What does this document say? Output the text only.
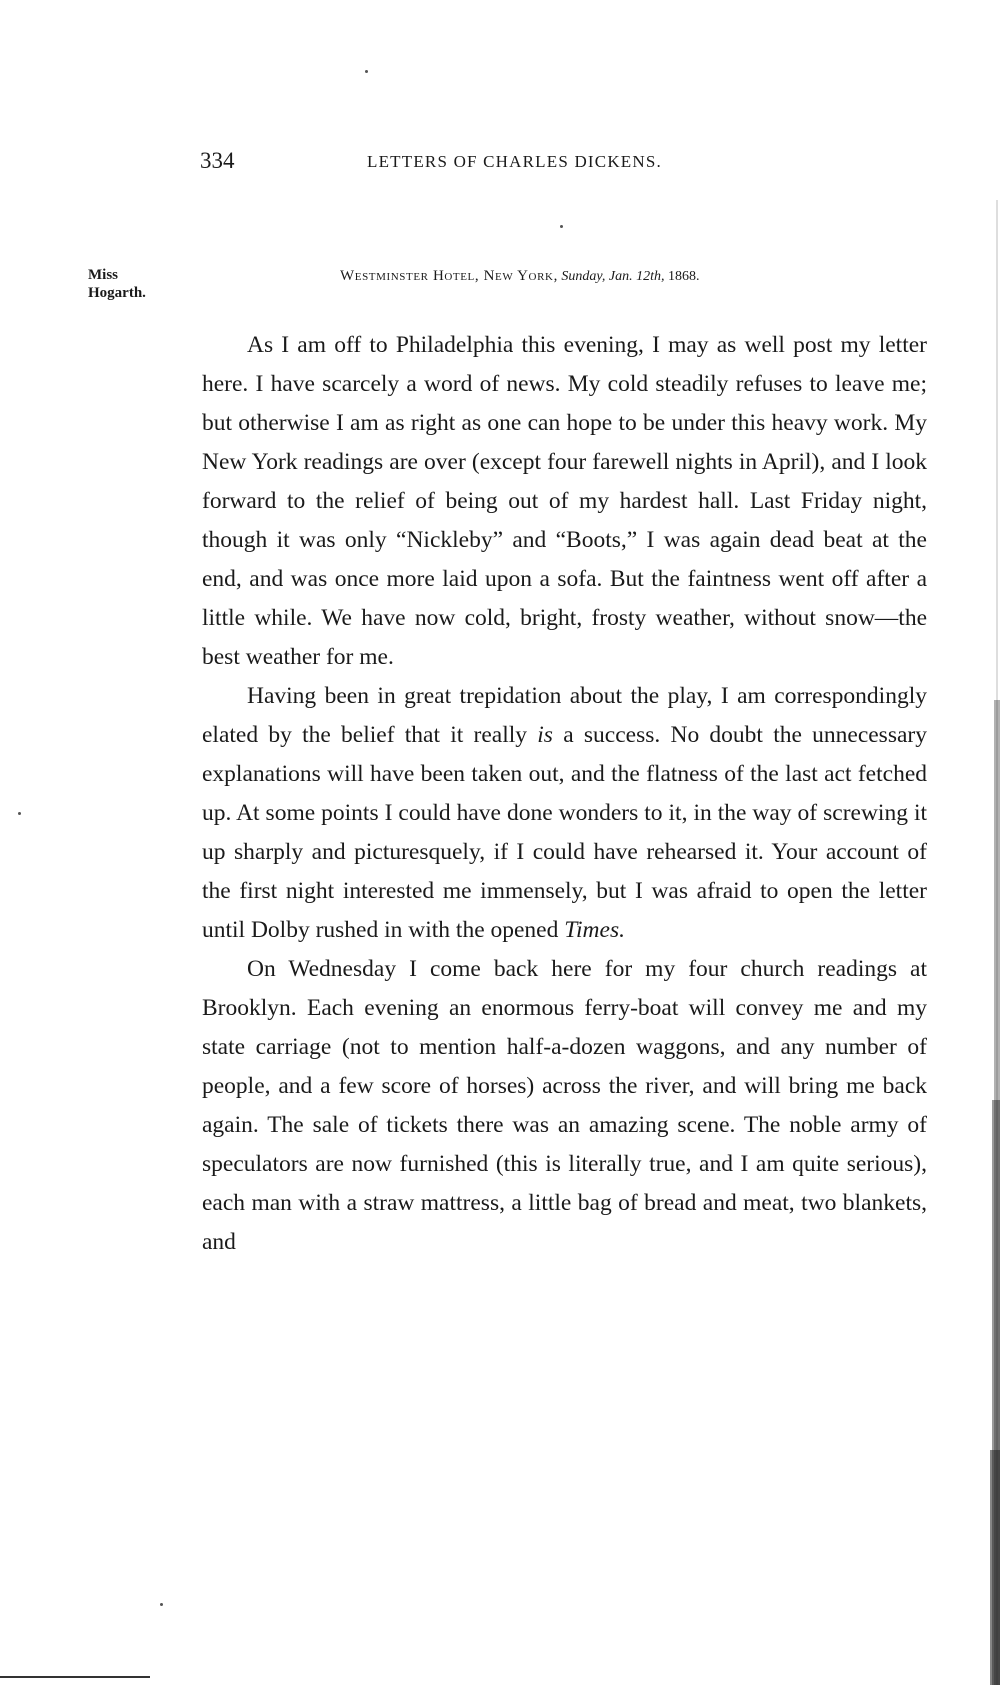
334	LETTERS OF CHARLES DICKENS.
Miss
Hogarth.
Westminster Hotel, New York, Sunday, Jan. 12th, 1868.

As I am off to Philadelphia this evening, I may as well post my letter here. I have scarcely a word of news. My cold steadily refuses to leave me; but otherwise I am as right as one can hope to be under this heavy work. My New York readings are over (except four farewell nights in April), and I look forward to the relief of being out of my hardest hall. Last Friday night, though it was only “Nickleby” and “Boots,” I was again dead beat at the end, and was once more laid upon a sofa. But the faintness went off after a little while. We have now cold, bright, frosty weather, without snow—the best weather for me.

Having been in great trepidation about the play, I am correspondingly elated by the belief that it really is a success. No doubt the unnecessary explanations will have been taken out, and the flatness of the last act fetched up. At some points I could have done wonders to it, in the way of screwing it up sharply and picturesquely, if I could have rehearsed it. Your account of the first night interested me immensely, but I was afraid to open the letter until Dolby rushed in with the opened Times.

On Wednesday I come back here for my four church readings at Brooklyn. Each evening an enormous ferry-boat will convey me and my state carriage (not to mention half-a-dozen waggons, and any number of people, and a few score of horses) across the river, and will bring me back again. The sale of tickets there was an amazing scene. The noble army of speculators are now furnished (this is literally true, and I am quite serious), each man with a straw mattress, a little bag of bread and meat, two blankets, and
